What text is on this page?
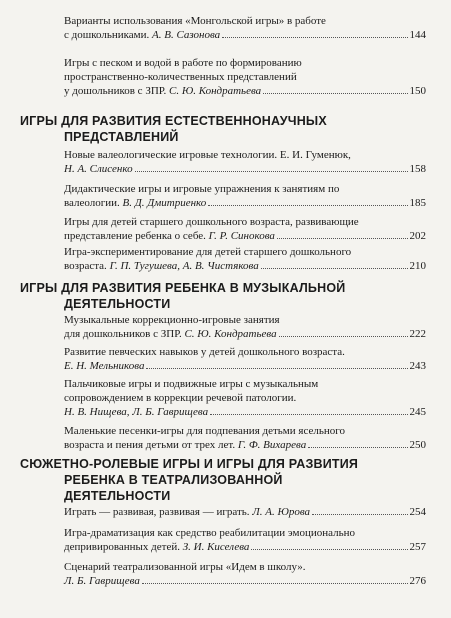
Варианты использования «Монгольской игры» в работе
с дошкольниками. А. В. Сазонова	144
Игры с песком и водой в работе по формированию
пространственно-количественных представлений
у дошольников с ЗПР. С. Ю. Кондратьева	150
ИГРЫ ДЛЯ РАЗВИТИЯ ЕСТЕСТВЕННОНАУЧНЫХ
ПРЕДСТАВЛЕНИЙ
Новые валеологические игровые технологии. Е. И. Гуменюк,
Н. А. Слисенко	158
Дидактические игры и игровые упражнения к занятиям по
валеологии. В. Д. Дмитриенко	185
Игры для детей старшего дошкольного возраста, развивающие
представление ребенка о себе. Г. Р. Синокова	202
Игра-экспериментирование для детей старшего дошкольного
возраста. Г. П. Тугушева, А. В. Чистякова	210
ИГРЫ ДЛЯ РАЗВИТИЯ РЕБЕНКА В МУЗЫКАЛЬНОЙ
ДЕЯТЕЛЬНОСТИ
Музыкальные коррекционно-игровые занятия
для дошкольников с ЗПР. С. Ю. Кондратьева	222
Развитие певческих навыков у детей дошкольного возраста.
Е. Н. Мельникова	243
Пальчиковые игры и подвижные игры с музыкальным
сопровождением в коррекции речевой патологии.
Н. В. Нищева, Л. Б. Гаврищева	245
Маленькие песенки-игры для подпевания детьми ясельного
возраста и пения детьми от трех лет. Г. Ф. Вихарева	250
СЮЖЕТНО-РОЛЕВЫЕ ИГРЫ И ИГРЫ ДЛЯ РАЗВИТИЯ
РЕБЕНКА В ТЕАТРАЛИЗОВАННОЙ
ДЕЯТЕЛЬНОСТИ
Играть — развивая, развивая — играть. Л. А. Юрова	254
Игра-драматизация как средство реабилитации эмоционально
депривированных детей. З. И. Киселева	257
Сценарий театрализованной игры «Идем в школу».
Л. Б. Гаврищева	276
